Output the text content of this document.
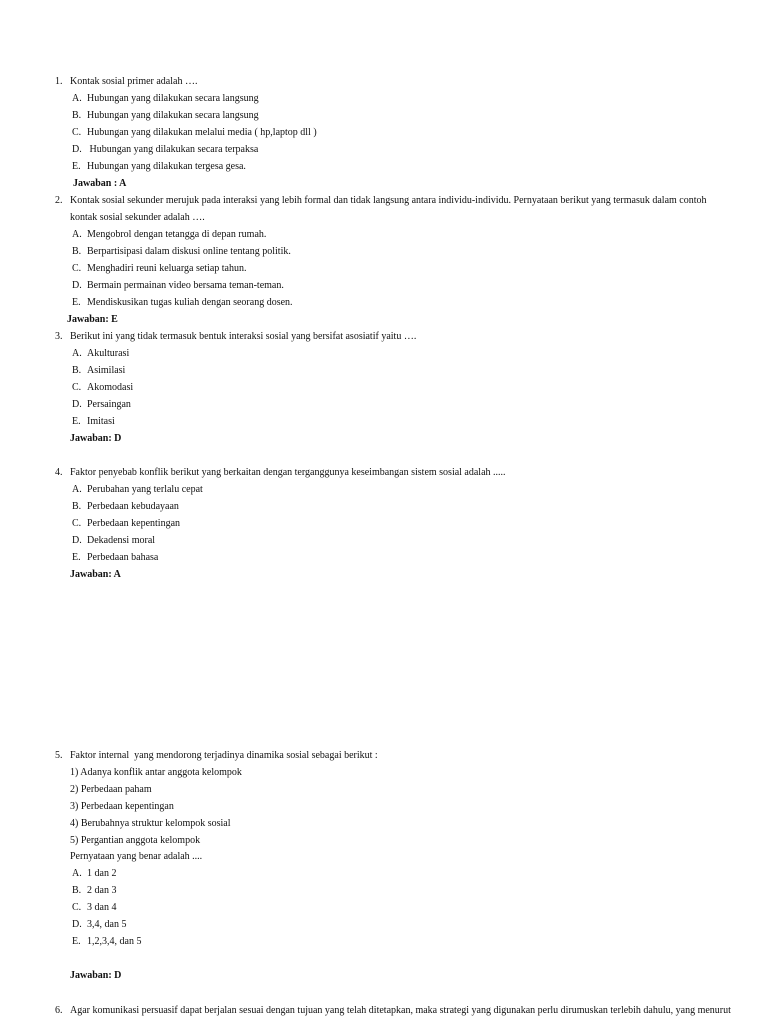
1. Kontak sosial primer adalah ….
A. Hubungan yang dilakukan secara langsung
B. Hubungan yang dilakukan secara langsung
C. Hubungan yang dilakukan melalui media ( hp,laptop dll )
D. Hubungan yang dilakukan secara terpaksa
E. Hubungan yang dilakukan tergesa gesa.
Jawaban : A
2. Kontak sosial sekunder merujuk pada interaksi yang lebih formal dan tidak langsung antara individu-individu. Pernyataan berikut yang termasuk dalam contoh
kontak sosial sekunder adalah ….
A. Mengobrol dengan tetangga di depan rumah.
B. Berpartisipasi dalam diskusi online tentang politik.
C. Menghadiri reuni keluarga setiap tahun.
D. Bermain permainan video bersama teman-teman.
E. Mendiskusikan tugas kuliah dengan seorang dosen.
Jawaban: E
3. Berikut ini yang tidak termasuk bentuk interaksi sosial yang bersifat asosiatif yaitu ….
A. Akulturasi
B. Asimilasi
C. Akomodasi
D. Persaingan
E. Imitasi
Jawaban: D
4. Faktor penyebab konflik berikut yang berkaitan dengan terganggunya keseimbangan sistem sosial adalah .....
A. Perubahan yang terlalu cepat
B. Perbedaan kebudayaan
C. Perbedaan kepentingan
D. Dekadensi moral
E. Perbedaan bahasa
Jawaban: A
5. Faktor internal  yang mendorong terjadinya dinamika sosial sebagai berikut :
1) Adanya konflik antar anggota kelompok
2) Perbedaan paham
3) Perbedaan kepentingan
4) Berubahnya struktur kelompok sosial
5) Pergantian anggota kelompok
Pernyataan yang benar adalah ....
A. 1 dan 2
B. 2 dan 3
C. 3 dan 4
D. 3,4, dan 5
E. 1,2,3,4, dan 5
Jawaban: D
6. Agar komunikasi persuasif dapat berjalan sesuai dengan tujuan yang telah ditetapkan, maka strategi yang digunakan perlu dirumuskan terlebih dahulu, yang menurut
